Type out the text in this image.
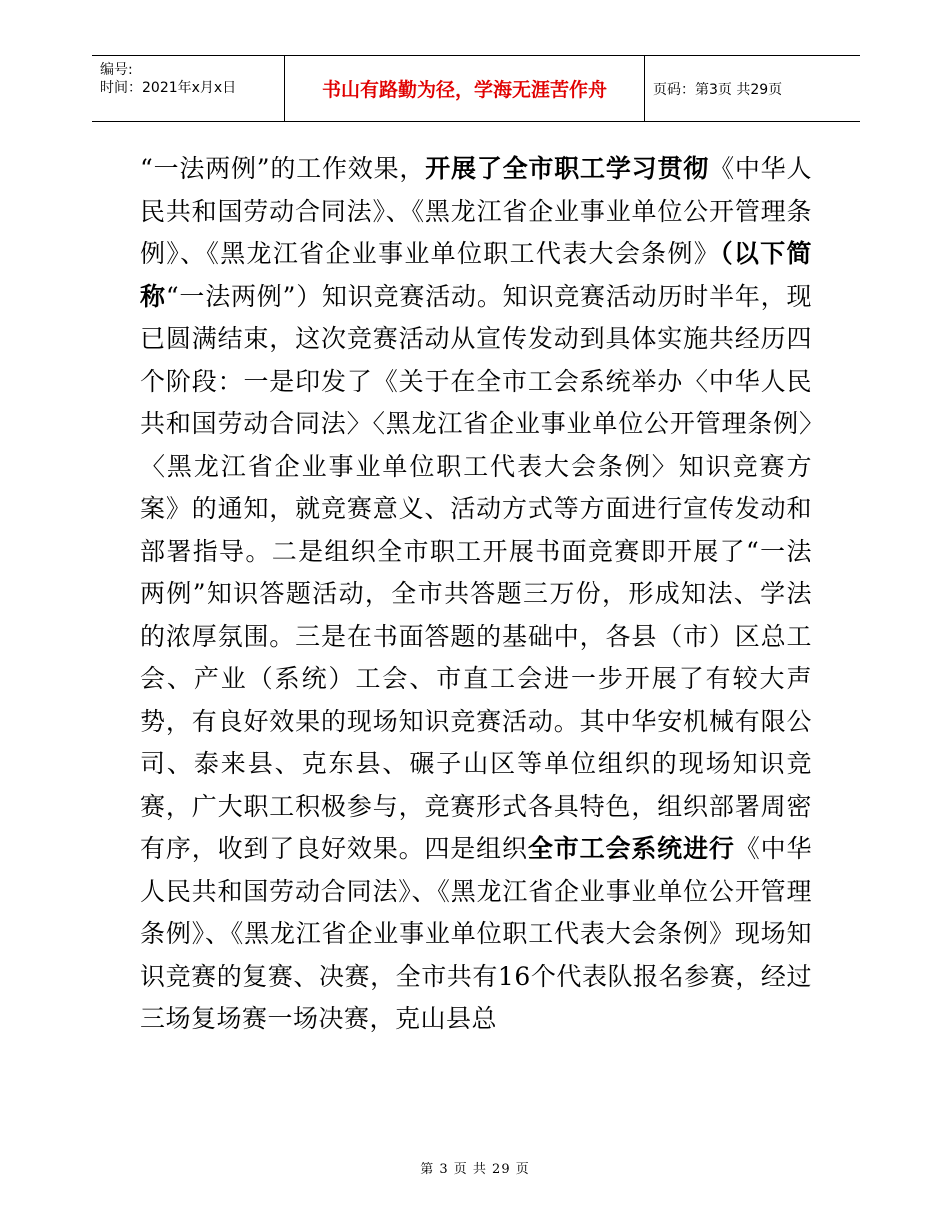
编号:
时间：2021年x月x日	书山有路勤为径，学海无涯苦作舟	页码：第3页 共29页

“一法两例”的工作效果，开展了全市职工学习贯彻《中华人民共和国劳动合同法》、《黑龙江省企业事业单位公开管理条例》、《黑龙江省企业事业单位职工代表大会条例》（以下简称“一法两例”）知识竞赛活动。知识竞赛活动历时半年，现已圆满结束，这次竞赛活动从宣传发动到具体实施共经历四个阶段：一是印发了《关于在全市工会系统举办〈中华人民共和国劳动合同法〉〈黑龙江省企业事业单位公开管理条例〉〈黑龙江省企业事业单位职工代表大会条例〉知识竞赛方案》的通知，就竞赛意义、活动方式等方面进行宣传发动和部署指导。二是组织全市职工开展书面竞赛即开展了“一法两例”知识答题活动，全市共答题三万份，形成知法、学法的浓厚氛围。三是在书面答题的基础中，各县（市）区总工会、产业（系统）工会、市直工会进一步开展了有较大声势，有良好效果的现场知识竞赛活动。其中华安机械有限公司、泰来县、克东县、碾子山区等单位组织的现场知识竞赛，广大职工积极参与，竞赛形式各具特色，组织部署周密有序，收到了良好效果。四是组织全市工会系统进行《中华人民共和国劳动合同法》、《黑龙江省企业事业单位公开管理条例》、《黑龙江省企业事业单位职工代表大会条例》现场知识竞赛的复赛、决赛，全市共有16个代表队报名参赛，经过三场复场赛一场决赛，克山县总

第 3 页 共 29 页
